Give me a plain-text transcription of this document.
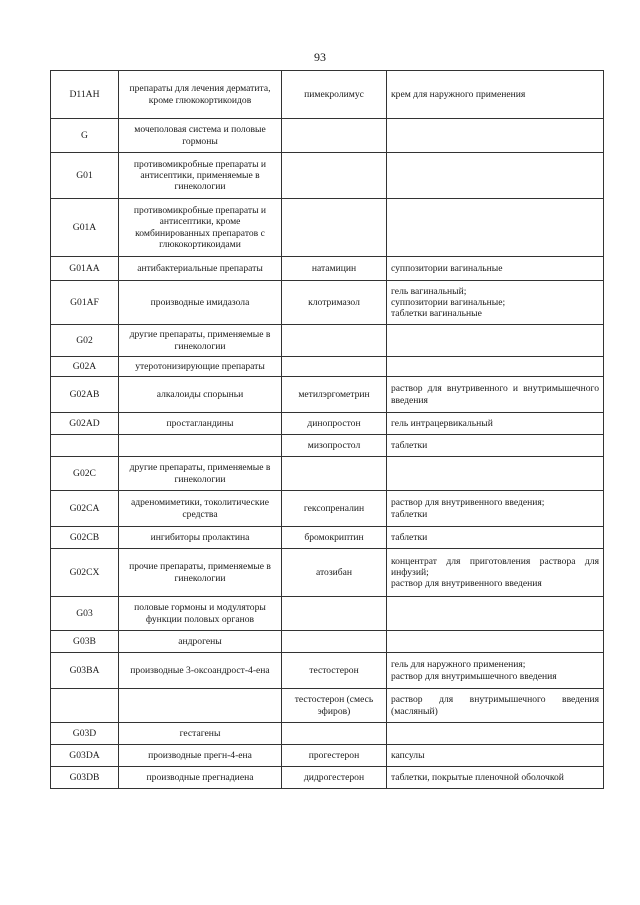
93
D11AH	препараты для лечения дерматита, кроме глюкокортикоидов	пимекролимус	крем для наружного применения
G	мочеполовая система и половые гормоны		
G01	противомикробные препараты и антисептики, применяемые в гинекологии		
G01A	противомикробные препараты и антисептики, кроме комбинированных препаратов с глюкокортикоидами		
G01AA	антибактериальные препараты	натамицин	суппозитории вагинальные
G01AF	производные имидазола	клотримазол	гель вагинальный;
суппозитории вагинальные;
таблетки вагинальные
G02	другие препараты, применяемые в гинекологии		
G02A	утеротонизирующие препараты		
G02AB	алкалоиды спорыньи	метилэргометрин	раствор для внутривенного и внутримышечного введения
G02AD	простагландины	динопростон	гель интрацервикальный
		мизопростол	таблетки
G02C	другие препараты, применяемые в гинекологии		
G02CA	адреномиметики, токолитические средства	гексопреналин	раствор для внутривенного введения;
таблетки
G02CB	ингибиторы пролактина	бромокриптин	таблетки
G02CX	прочие препараты, применяемые в гинекологии	атозибан	концентрат для приготовления раствора для инфузий;
раствор для внутривенного введения
G03	половые гормоны и модуляторы функции половых органов		
G03B	андрогены		
G03BA	производные 3-оксоандрост-4-ена	тестостерон	гель для наружного применения;
раствор для внутримышечного введения
		тестостерон (смесь эфиров)	раствор для внутримышечного введения (масляный)
G03D	гестагены		
G03DA	производные прегн-4-ена	прогестерон	капсулы
G03DB	производные прегнадиена	дидрогестерон	таблетки, покрытые пленочной оболочкой
